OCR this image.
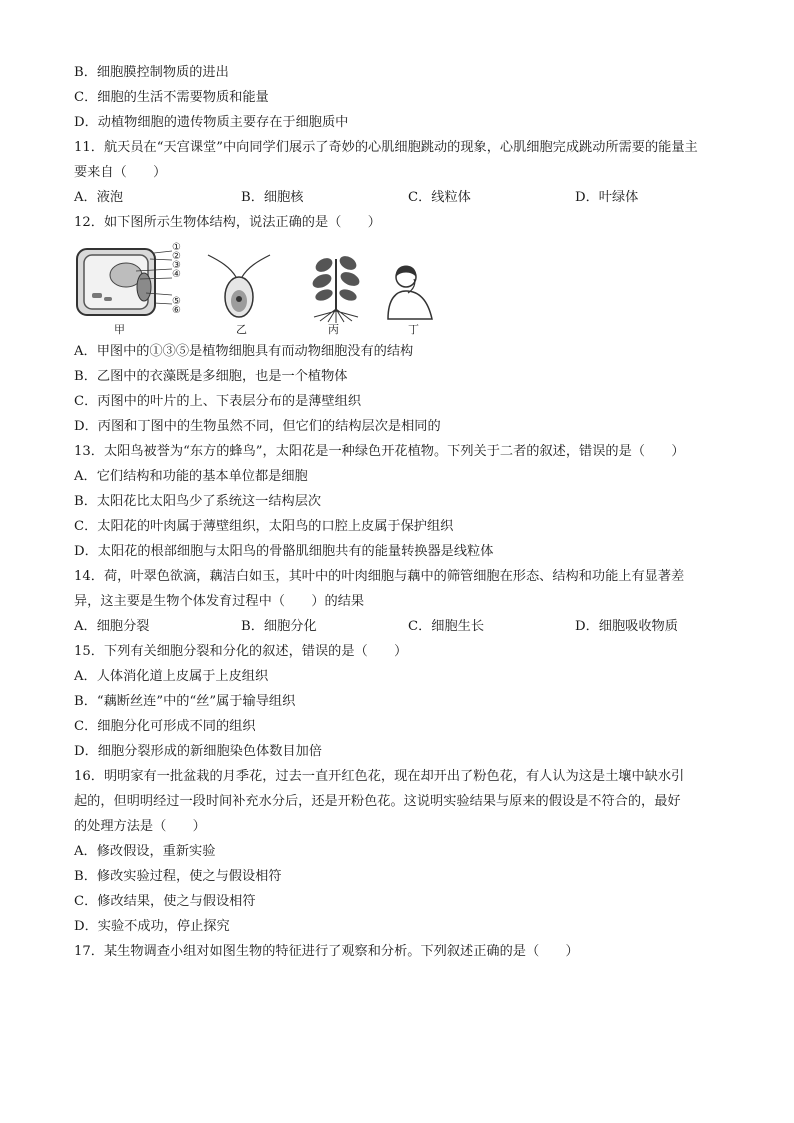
B．细胞膜控制物质的进出
C．细胞的生活不需要物质和能量
D．动植物细胞的遗传物质主要存在于细胞质中
11．航天员在“天宫课堂”中向同学们展示了奇妙的心肌细胞跳动的现象，心肌细胞完成跳动所需要的能量主
要来自（　　）
A．液泡	B．细胞核	C．线粒体	D．叶绿体
12．如下图所示生物体结构，说法正确的是（　　）
①
②
③
④
⑤
⑥
甲	乙	丙	丁
A．甲图中的①③⑤是植物细胞具有而动物细胞没有的结构
B．乙图中的衣藻既是多细胞，也是一个植物体
C．丙图中的叶片的上、下表层分布的是薄壁组织
D．丙图和丁图中的生物虽然不同，但它们的结构层次是相同的
13．太阳鸟被誉为“东方的蜂鸟”，太阳花是一种绿色开花植物。下列关于二者的叙述，错误的是（　　）
A．它们结构和功能的基本单位都是细胞
B．太阳花比太阳鸟少了系统这一结构层次
C．太阳花的叶肉属于薄壁组织，太阳鸟的口腔上皮属于保护组织
D．太阳花的根部细胞与太阳鸟的骨骼肌细胞共有的能量转换器是线粒体
14．荷，叶翠色欲滴，藕洁白如玉，其叶中的叶肉细胞与藕中的筛管细胞在形态、结构和功能上有显著差
异，这主要是生物个体发育过程中（　　）的结果
A．细胞分裂	B．细胞分化	C．细胞生长	D．细胞吸收物质
15．下列有关细胞分裂和分化的叙述，错误的是（　　）
A．人体消化道上皮属于上皮组织
B．“藕断丝连”中的“丝”属于输导组织
C．细胞分化可形成不同的组织
D．细胞分裂形成的新细胞染色体数目加倍
16．明明家有一批盆栽的月季花，过去一直开红色花，现在却开出了粉色花，有人认为这是土壤中缺水引
起的，但明明经过一段时间补充水分后，还是开粉色花。这说明实验结果与原来的假设是不符合的，最好
的处理方法是（　　）
A．修改假设，重新实验
B．修改实验过程，使之与假设相符
C．修改结果，使之与假设相符
D．实验不成功，停止探究
17．某生物调查小组对如图生物的特征进行了观察和分析。下列叙述正确的是（　　）
